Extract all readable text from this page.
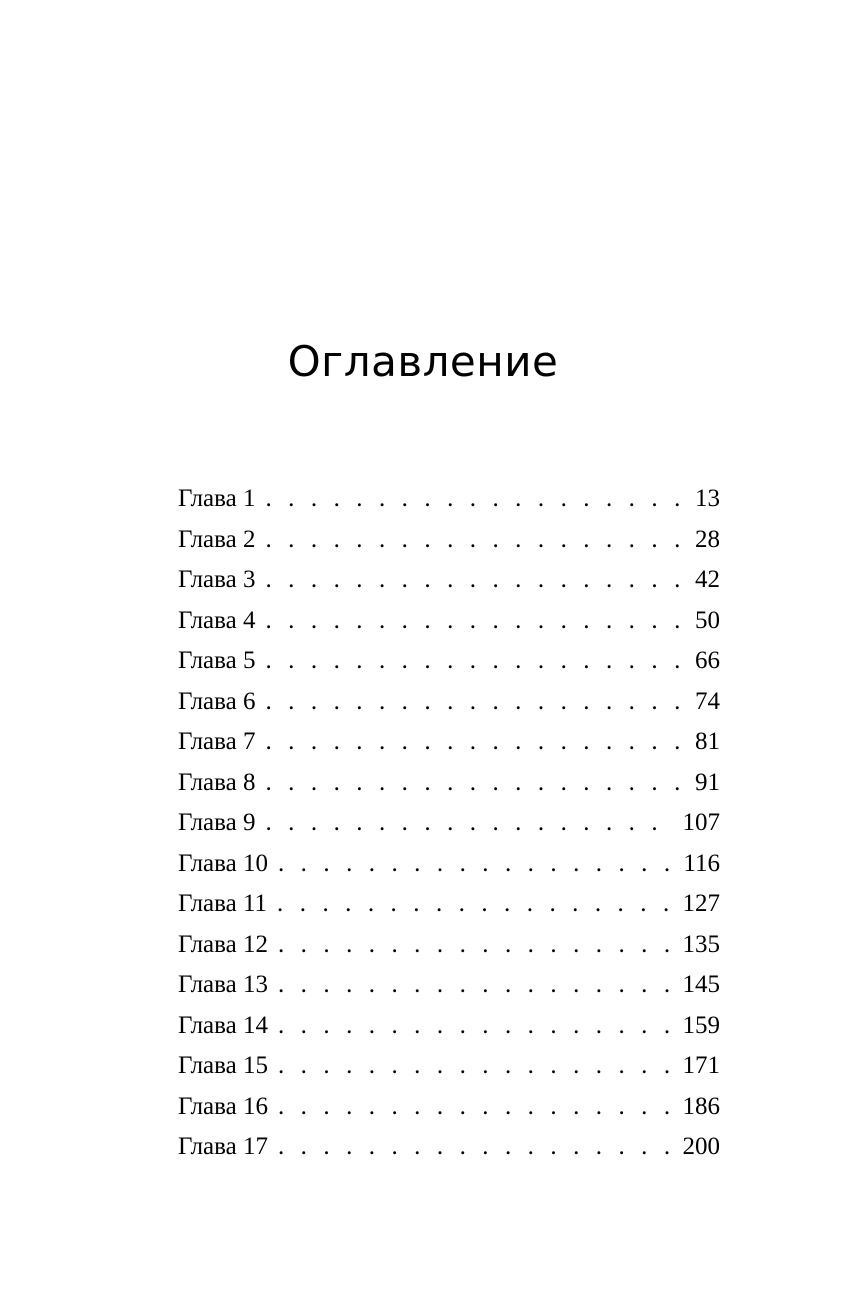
Оглавление
Глава 1 . . .	13
Глава 2 . . .	28
Глава 3 . . .	42
Глава 4 . . .	50
Глава 5 . . .	66
Глава 6 . . .	74
Глава 7 . . .	81
Глава 8 . . .	91
Глава 9 . . .	107
Глава 10 . . .	116
Глава 11 . . .	127
Глава 12 . . .	135
Глава 13 . . .	145
Глава 14 . . .	159
Глава 15 . . .	171
Глава 16 . . .	186
Глава 17 . . .	200
